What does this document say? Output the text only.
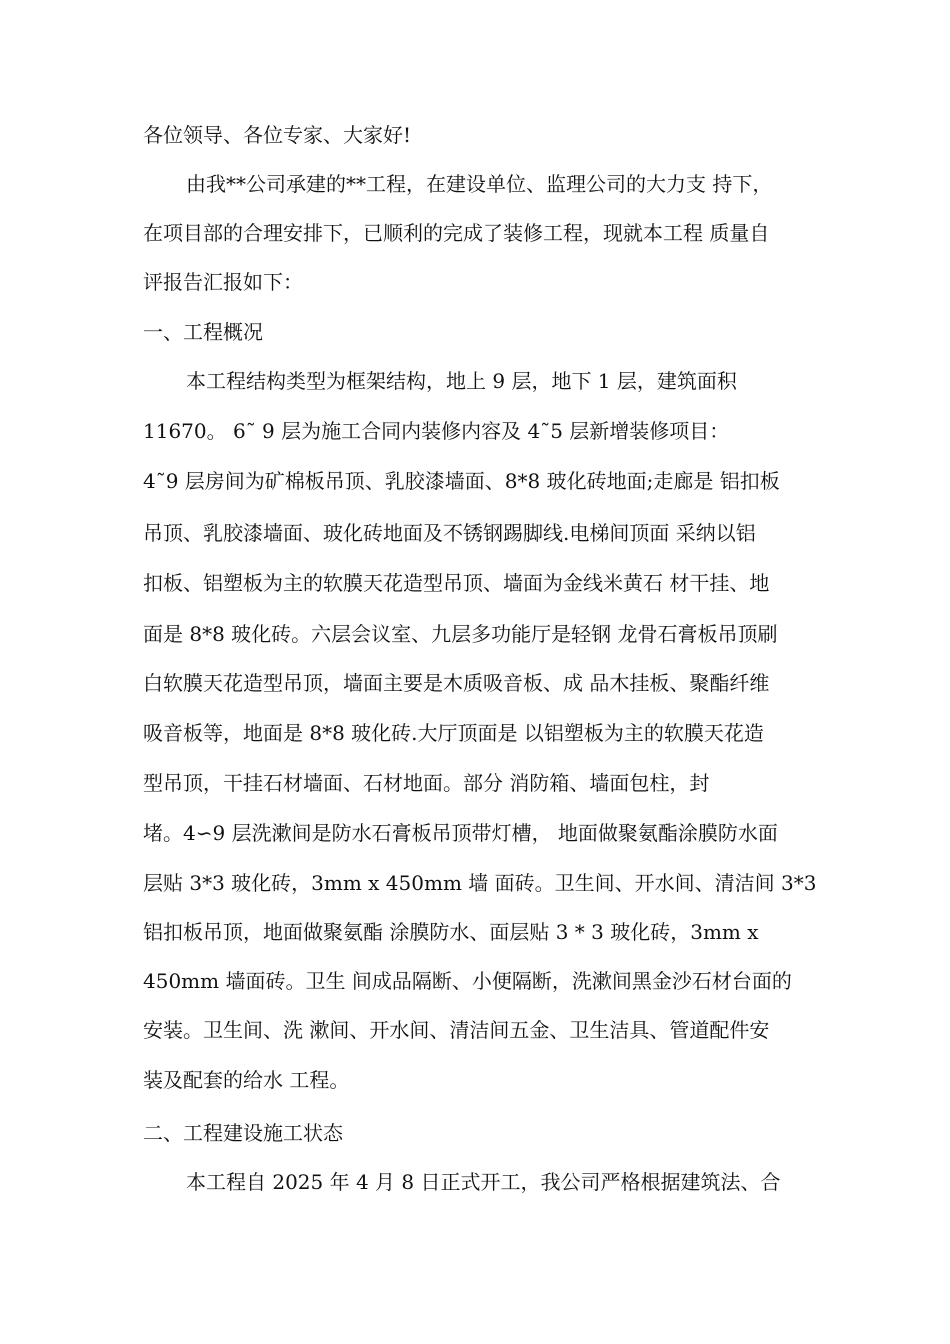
各位领导、各位专家、大家好!
由我**公司承建的**工程，在建设单位、监理公司的大力支 持下，
在项目部的合理安排下，已顺利的完成了装修工程，现就本工程 质量自
评报告汇报如下：
一、工程概况
本工程结构类型为框架结构，地上 9 层，地下 1 层，建筑面积
11670。 6˜ 9 层为施工合同内装修内容及 4˜5 层新增装修项目：
4˜9 层房间为矿棉板吊顶、乳胶漆墙面、8*8 玻化砖地面;走廊是 铝扣板
吊顶、乳胶漆墙面、玻化砖地面及不锈钢踢脚线.电梯间顶面 采纳以铝
扣板、铝塑板为主的软膜天花造型吊顶、墙面为金线米黄石 材干挂、地
面是 8*8 玻化砖。六层会议室、九层多功能厅是轻钢 龙骨石膏板吊顶刷
白软膜天花造型吊顶，墙面主要是木质吸音板、成 品木挂板、聚酯纤维
吸音板等，地面是 8*8 玻化砖.大厅顶面是 以铝塑板为主的软膜天花造
型吊顶，干挂石材墙面、石材地面。部分 消防箱、墙面包柱，封
堵。4∽9 层洗漱间是防水石膏板吊顶带灯槽， 地面做聚氨酯涂膜防水面
层贴 3*3 玻化砖，3mm x 450mm 墙 面砖。卫生间、开水间、清洁间 3*3
铝扣板吊顶，地面做聚氨酯 涂膜防水、面层贴 3 * 3 玻化砖，3mm x
450mm 墙面砖。卫生 间成品隔断、小便隔断，洗漱间黑金沙石材台面的
安装。卫生间、洗 漱间、开水间、清洁间五金、卫生洁具、管道配件安
装及配套的给水 工程。
二、工程建设施工状态
本工程自 2025 年 4 月 8 日正式开工，我公司严格根据建筑法、合
